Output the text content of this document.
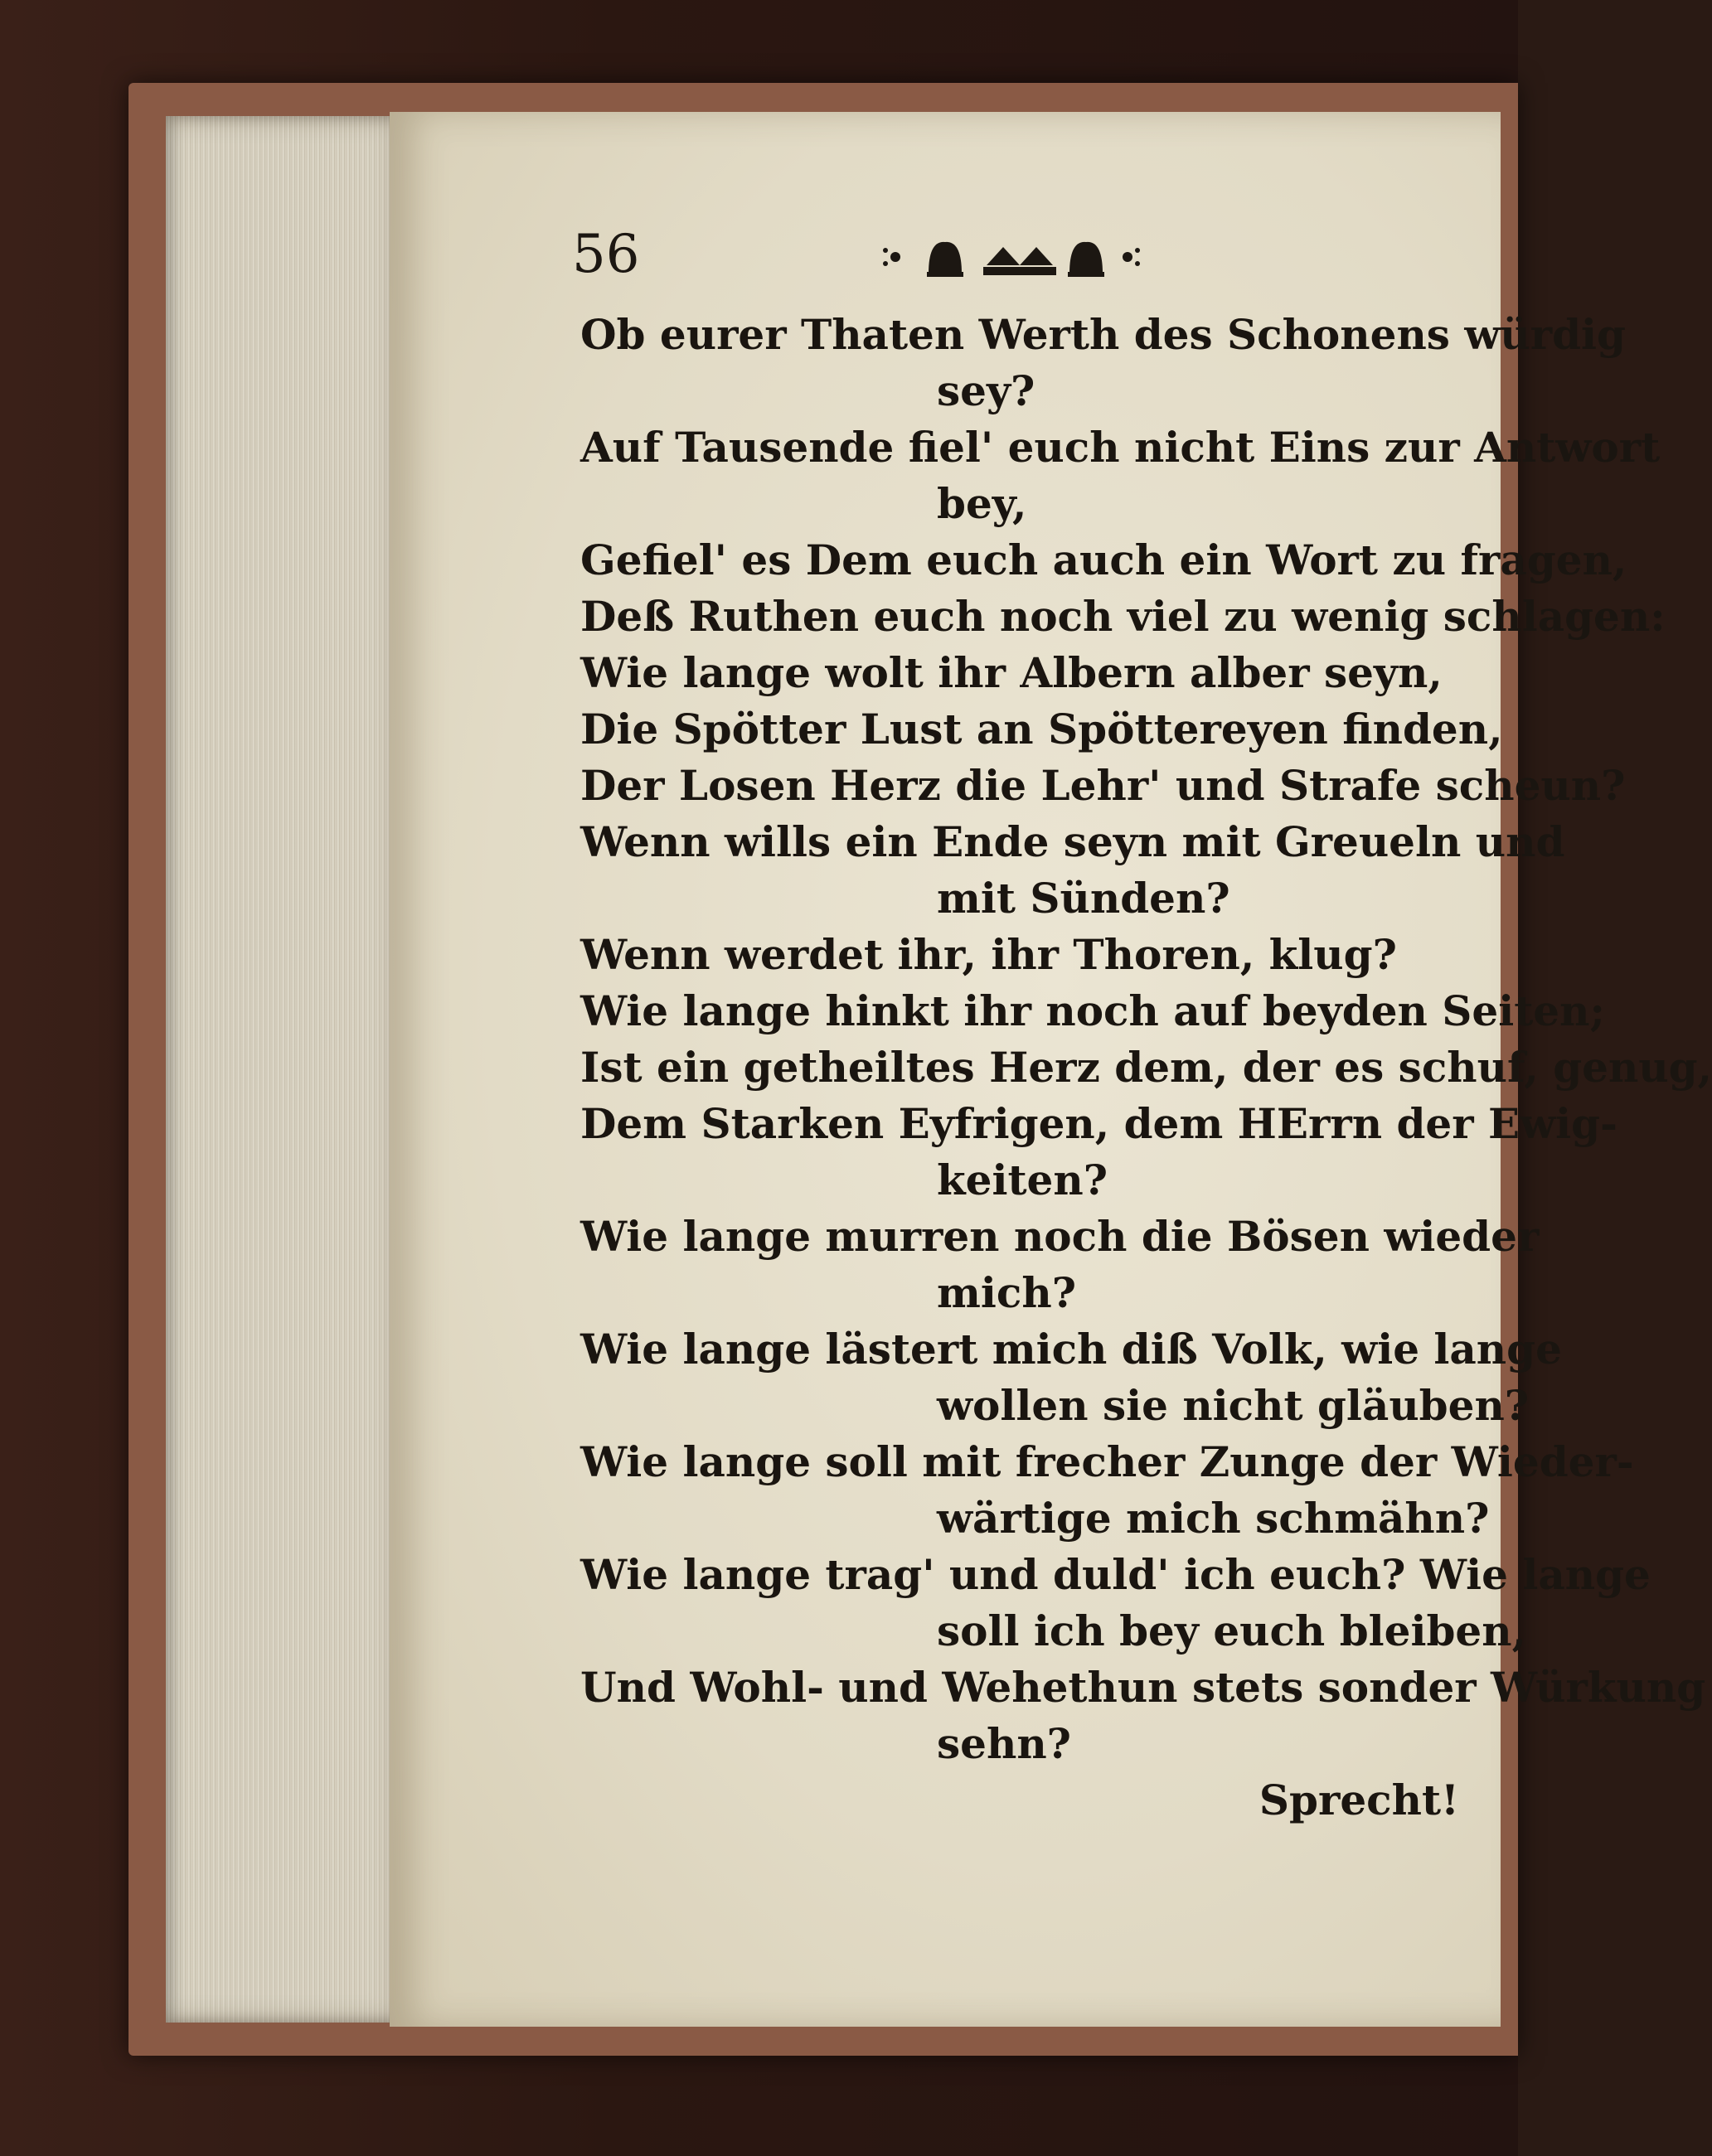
56
Ob eurer Thaten Werth des Schonens würdig
sey?
Auf Tausende fiel' euch nicht Eins zur Antwort
bey,
Gefiel' es Dem euch auch ein Wort zu fragen,
Deß Ruthen euch noch viel zu wenig schlagen:
Wie lange wolt ihr Albern alber seyn,
Die Spötter Lust an Spöttereyen finden,
Der Losen Herz die Lehr' und Strafe scheun?
Wenn wills ein Ende seyn mit Greueln und
mit Sünden?
Wenn werdet ihr, ihr Thoren, klug?
Wie lange hinkt ihr noch auf beyden Seiten;
Ist ein getheiltes Herz dem, der es schuf, genug,
Dem Starken Eyfrigen, dem HErrn der Ewig-
keiten?
Wie lange murren noch die Bösen wieder
mich?
Wie lange lästert mich diß Volk, wie lange
wollen sie nicht gläuben?
Wie lange soll mit frecher Zunge der Wieder-
wärtige mich schmähn?
Wie lange trag' und duld' ich euch? Wie lange
soll ich bey euch bleiben,
Und Wohl- und Wehethun stets sonder Würkung
sehn?
Sprecht!
